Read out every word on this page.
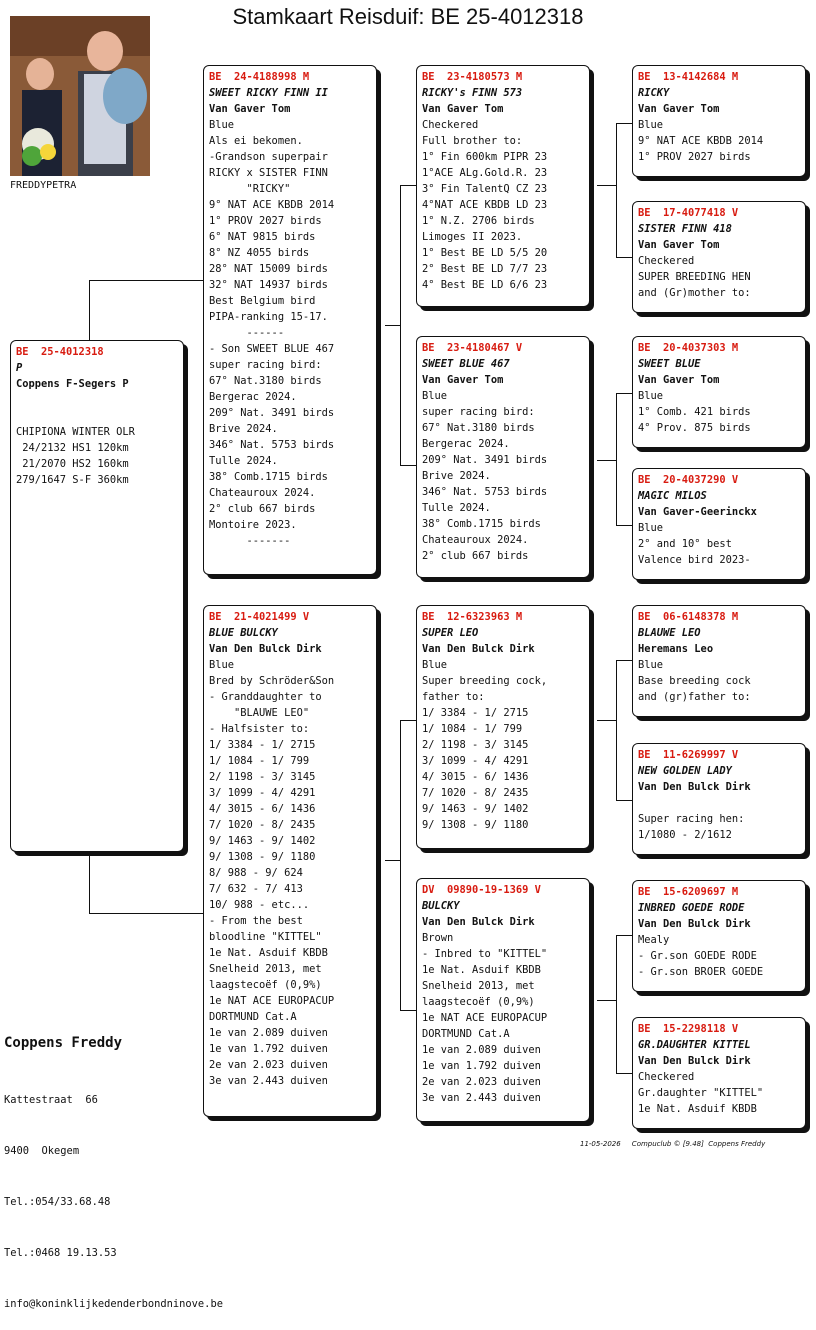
Stamkaart Reisduif: BE 25-4012318
FREDDYPETRA
BE  25-4012318
P
Coppens F-Segers P

CHIPIONA WINTER OLR
24/2132 HS1 120km
21/2070 HS2 160km
279/1647 S-F 360km
BE  24-4188998 M
SWEET RICKY FINN II
Van Gaver Tom
Blue
Als ei bekomen.
-Grandson superpair
RICKY x SISTER FINN
"RICKY"
9° NAT ACE KBDB 2014
1° PROV 2027 birds
6° NAT 9815 birds
8° NZ 4055 birds
28° NAT 15009 birds
32° NAT 14937 birds
Best Belgium bird
PIPA-ranking 15-17.
------
- Son SWEET BLUE 467
super racing bird:
67° Nat.3180 birds
Bergerac 2024.
209° Nat. 3491 birds
Brive 2024.
346° Nat. 5753 birds
Tulle 2024.
38° Comb.1715 birds
Chateauroux 2024.
2° club 667 birds
Montoire 2023.
-------
BE  21-4021499 V
BLUE BULCKY
Van Den Bulck Dirk
Blue
Bred by Schröder&Son
- Granddaughter to
"BLAUWE LEO"
- Halfsister to:
1/ 3384 - 1/ 2715
1/ 1084 - 1/ 799
2/ 1198 - 3/ 3145
3/ 1099 - 4/ 4291
4/ 3015 - 6/ 1436
7/ 1020 - 8/ 2435
9/ 1463 - 9/ 1402
9/ 1308 - 9/ 1180
8/ 988 - 9/ 624
7/ 632 - 7/ 413
10/ 988 - etc...
- From the best
bloodline "KITTEL"
1e Nat. Asduif KBDB
Snelheid 2013, met
laagstecoëf (0,9%)
1e NAT ACE EUROPACUP
DORTMUND Cat.A
1e van 2.089 duiven
1e van 1.792 duiven
2e van 2.023 duiven
3e van 2.443 duiven
BE  23-4180573 M
RICKY's FINN 573
Van Gaver Tom
Checkered
Full brother to:
1° Fin 600km PIPR 23
1°ACE ALg.Gold.R. 23
3° Fin TalentQ CZ 23
4°NAT ACE KBDB LD 23
1° N.Z. 2706 birds
Limoges II 2023.
1° Best BE LD 5/5 20
2° Best BE LD 7/7 23
4° Best BE LD 6/6 23
BE  23-4180467 V
SWEET BLUE 467
Van Gaver Tom
Blue
super racing bird:
67° Nat.3180 birds
Bergerac 2024.
209° Nat. 3491 birds
Brive 2024.
346° Nat. 5753 birds
Tulle 2024.
38° Comb.1715 birds
Chateauroux 2024.
2° club 667 birds
BE  12-6323963 M
SUPER LEO
Van Den Bulck Dirk
Blue
Super breeding cock,
father to:
1/ 3384 - 1/ 2715
1/ 1084 - 1/ 799
2/ 1198 - 3/ 3145
3/ 1099 - 4/ 4291
4/ 3015 - 6/ 1436
7/ 1020 - 8/ 2435
9/ 1463 - 9/ 1402
9/ 1308 - 9/ 1180
DV  09890-19-1369 V
BULCKY
Van Den Bulck Dirk
Brown
- Inbred to "KITTEL"
1e Nat. Asduif KBDB
Snelheid 2013, met
laagstecoëf (0,9%)
1e NAT ACE EUROPACUP
DORTMUND Cat.A
1e van 2.089 duiven
1e van 1.792 duiven
2e van 2.023 duiven
3e van 2.443 duiven
BE  13-4142684 M
RICKY
Van Gaver Tom
Blue
9° NAT ACE KBDB 2014
1° PROV 2027 birds
BE  17-4077418 V
SISTER FINN 418
Van Gaver Tom
Checkered
SUPER BREEDING HEN
and (Gr)mother to:
BE  20-4037303 M
SWEET BLUE
Van Gaver Tom
Blue
1° Comb. 421 birds
4° Prov. 875 birds
BE  20-4037290 V
MAGIC MILOS
Van Gaver-Geerinckx
Blue
2° and 10° best
Valence bird 2023-
BE  06-6148378 M
BLAUWE LEO
Heremans Leo
Blue
Base breeding cock
and (gr)father to:
BE  11-6269997 V
NEW GOLDEN LADY
Van Den Bulck Dirk

Super racing hen:
1/1080 - 2/1612
BE  15-6209697 M
INBRED GOEDE RODE
Van Den Bulck Dirk
Mealy
- Gr.son GOEDE RODE
- Gr.son BROER GOEDE
BE  15-2298118 V
GR.DAUGHTER KITTEL
Van Den Bulck Dirk
Checkered
Gr.daughter "KITTEL"
1e Nat. Asduif KBDB
Coppens Freddy

Kattestraat  66

9400  Okegem

Tel.:054/33.68.48

Tel.:0468 19.13.53

info@koninklijkedenderbondninove.be

11-05-2026     Compuclub © [9.48]  Coppens Freddy
